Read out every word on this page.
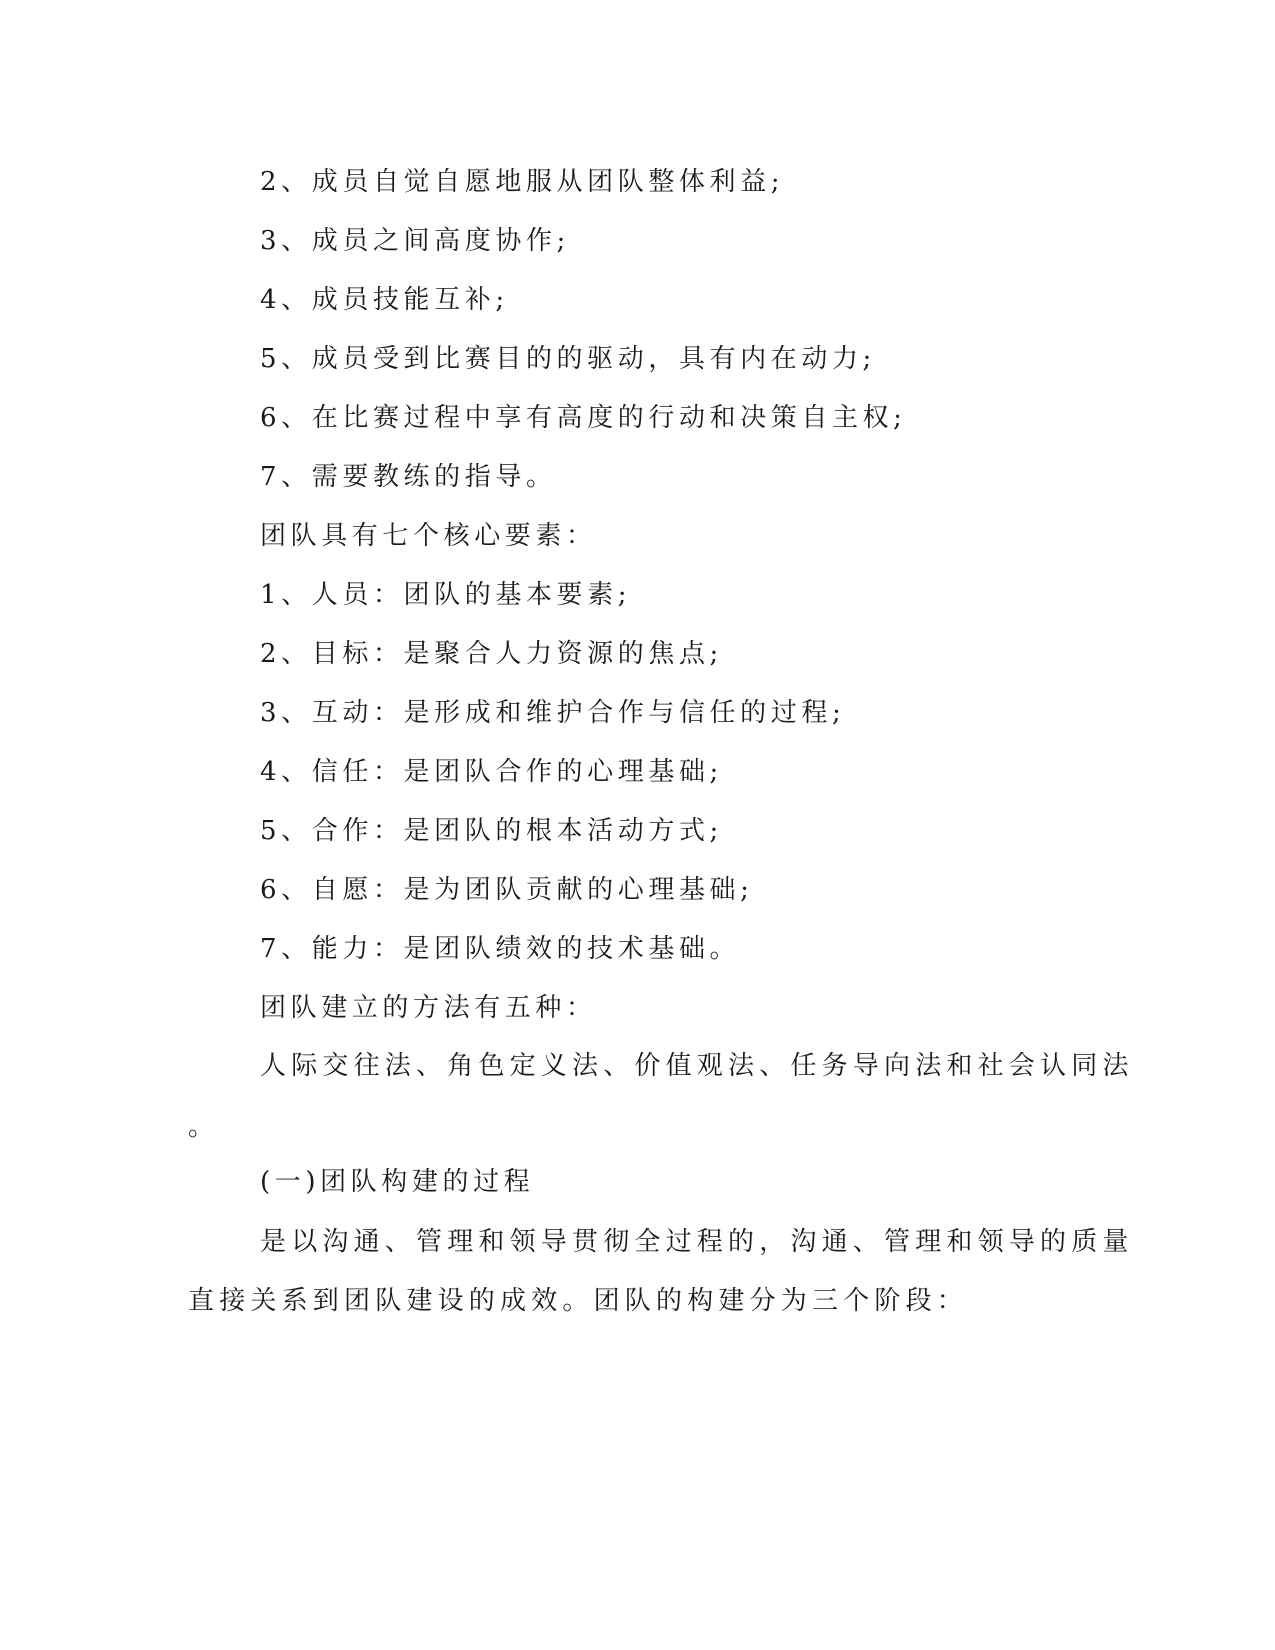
2、成员自觉自愿地服从团队整体利益;
3、成员之间高度协作;
4、成员技能互补;
5、成员受到比赛目的的驱动，具有内在动力;
6、在比赛过程中享有高度的行动和决策自主权;
7、需要教练的指导。
团队具有七个核心要素：
1、人员：团队的基本要素;
2、目标：是聚合人力资源的焦点;
3、互动：是形成和维护合作与信任的过程;
4、信任：是团队合作的心理基础;
5、合作：是团队的根本活动方式;
6、自愿：是为团队贡献的心理基础;
7、能力：是团队绩效的技术基础。
团队建立的方法有五种：
人际交往法、角色定义法、价值观法、任务导向法和社会认同法
。
(一)团队构建的过程
是以沟通、管理和领导贯彻全过程的，沟通、管理和领导的质量
直接关系到团队建设的成效。团队的构建分为三个阶段：
